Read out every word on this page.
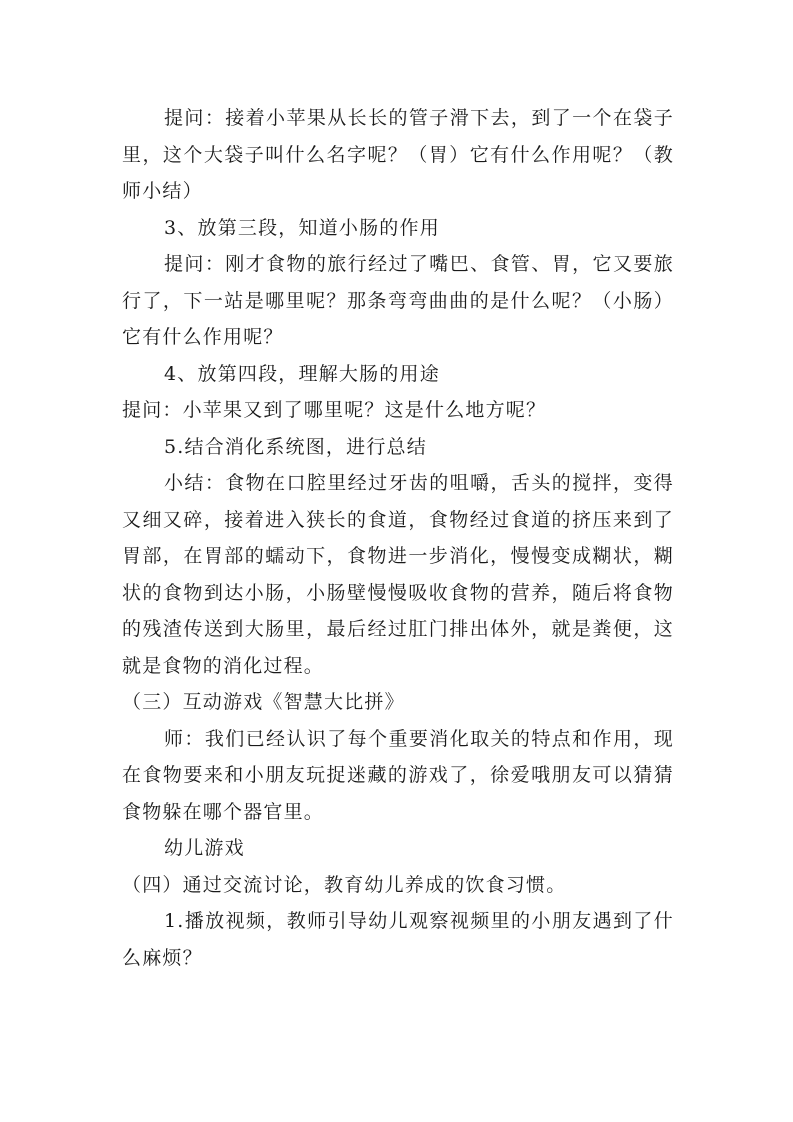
提问：接着小苹果从长长的管子滑下去，到了一个在袋子里，这个大袋子叫什么名字呢？（胃）它有什么作用呢？（教师小结）

3、放第三段，知道小肠的作用

提问：刚才食物的旅行经过了嘴巴、食管、胃，它又要旅行了，下一站是哪里呢？那条弯弯曲曲的是什么呢？（小肠）它有什么作用呢？

4、放第四段，理解大肠的用途

提问：小苹果又到了哪里呢？这是什么地方呢？

5.结合消化系统图，进行总结

小结：食物在口腔里经过牙齿的咀嚼，舌头的搅拌，变得又细又碎，接着进入狭长的食道，食物经过食道的挤压来到了胃部，在胃部的蠕动下，食物进一步消化，慢慢变成糊状，糊状的食物到达小肠，小肠壁慢慢吸收食物的营养，随后将食物的残渣传送到大肠里，最后经过肛门排出体外，就是粪便，这就是食物的消化过程。

（三）互动游戏《智慧大比拼》

师：我们已经认识了每个重要消化取关的特点和作用，现在食物要来和小朋友玩捉迷藏的游戏了，徐爱哦朋友可以猜猜食物躲在哪个器官里。

幼儿游戏

（四）通过交流讨论，教育幼儿养成的饮食习惯。

1.播放视频，教师引导幼儿观察视频里的小朋友遇到了什么麻烦？
